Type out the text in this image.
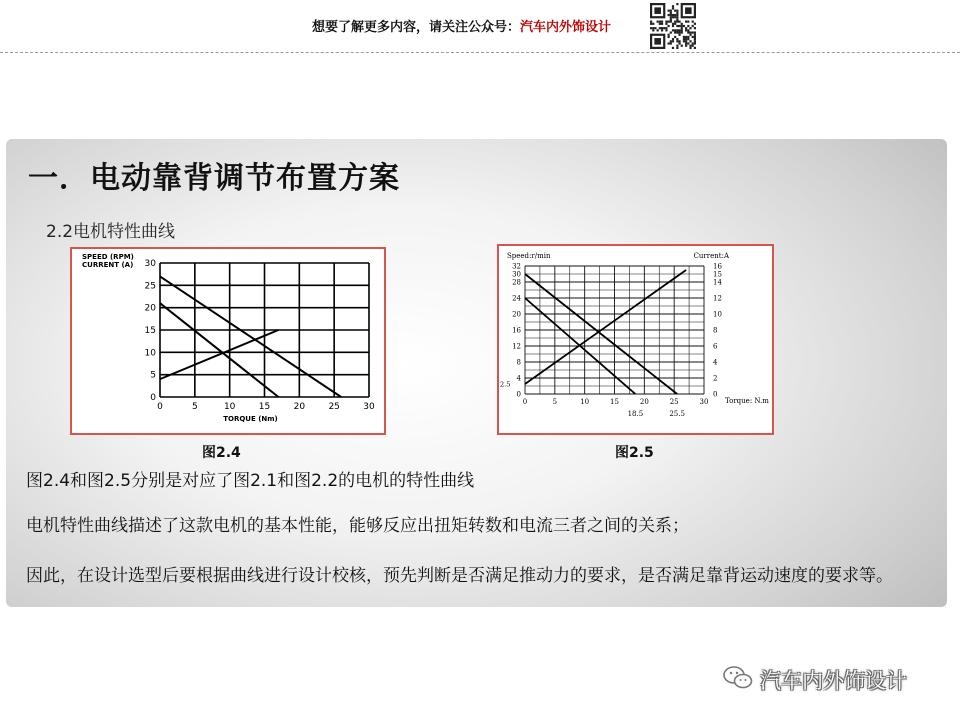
想要了解更多内容，请关注公众号：汽车内外饰设计
一．电动靠背调节布置方案
2.2电机特性曲线
0	5	10	15	20	25	30
0
5
10
15
20
25
30
SPEED (RPM)
CURRENT (A)
TORQUE (Nm)
图2.4
0	5	10	15	20	25	30
0
4
8
12
16
20
24
28
30
32
0
2
4
6
8
10
12
14
15
16
Speed:r/min	Current:A
Torque: N.m
2.5
18.5	25.5
图2.5
图2.4和图2.5分别是对应了图2.1和图2.2的电机的特性曲线
电机特性曲线描述了这款电机的基本性能，能够反应出扭矩转数和电流三者之间的关系；
因此，在设计选型后要根据曲线进行设计校核，预先判断是否满足推动力的要求，是否满足靠背运动速度的要求等。
汽车内外饰设计
